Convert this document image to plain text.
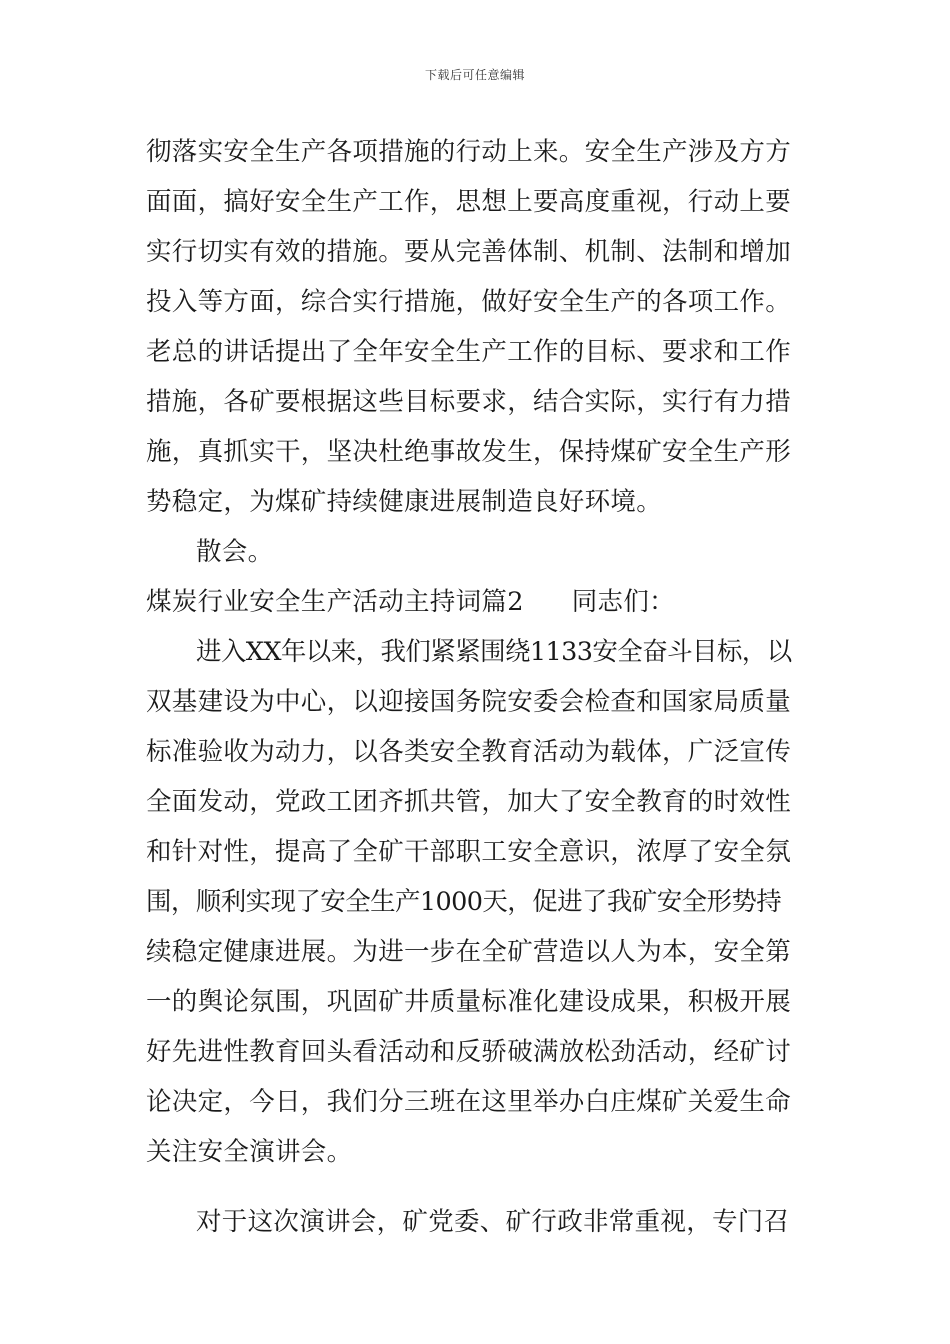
下载后可任意编辑
彻落实安全生产各项措施的行动上来。安全生产涉及方方
面面，搞好安全生产工作，思想上要高度重视，行动上要
实行切实有效的措施。要从完善体制、机制、法制和增加
投入等方面，综合实行措施，做好安全生产的各项工作。
老总的讲话提出了全年安全生产工作的目标、要求和工作
措施，各矿要根据这些目标要求，结合实际，实行有力措
施，真抓实干，坚决杜绝事故发生，保持煤矿安全生产形
势稳定，为煤矿持续健康进展制造良好环境。
散会。
煤炭行业安全生产活动主持词篇2 同志们：
进入XX年以来，我们紧紧围绕1133安全奋斗目标，以
双基建设为中心，以迎接国务院安委会检查和国家局质量
标准验收为动力，以各类安全教育活动为载体，广泛宣传
全面发动，党政工团齐抓共管，加大了安全教育的时效性
和针对性，提高了全矿干部职工安全意识，浓厚了安全氛
围，顺利实现了安全生产1000天，促进了我矿安全形势持
续稳定健康进展。为进一步在全矿营造以人为本，安全第
一的舆论氛围，巩固矿井质量标准化建设成果，积极开展
好先进性教育回头看活动和反骄破满放松劲活动，经矿讨
论决定，今日，我们分三班在这里举办白庄煤矿关爱生命
关注安全演讲会。
对于这次演讲会，矿党委、矿行政非常重视，专门召
